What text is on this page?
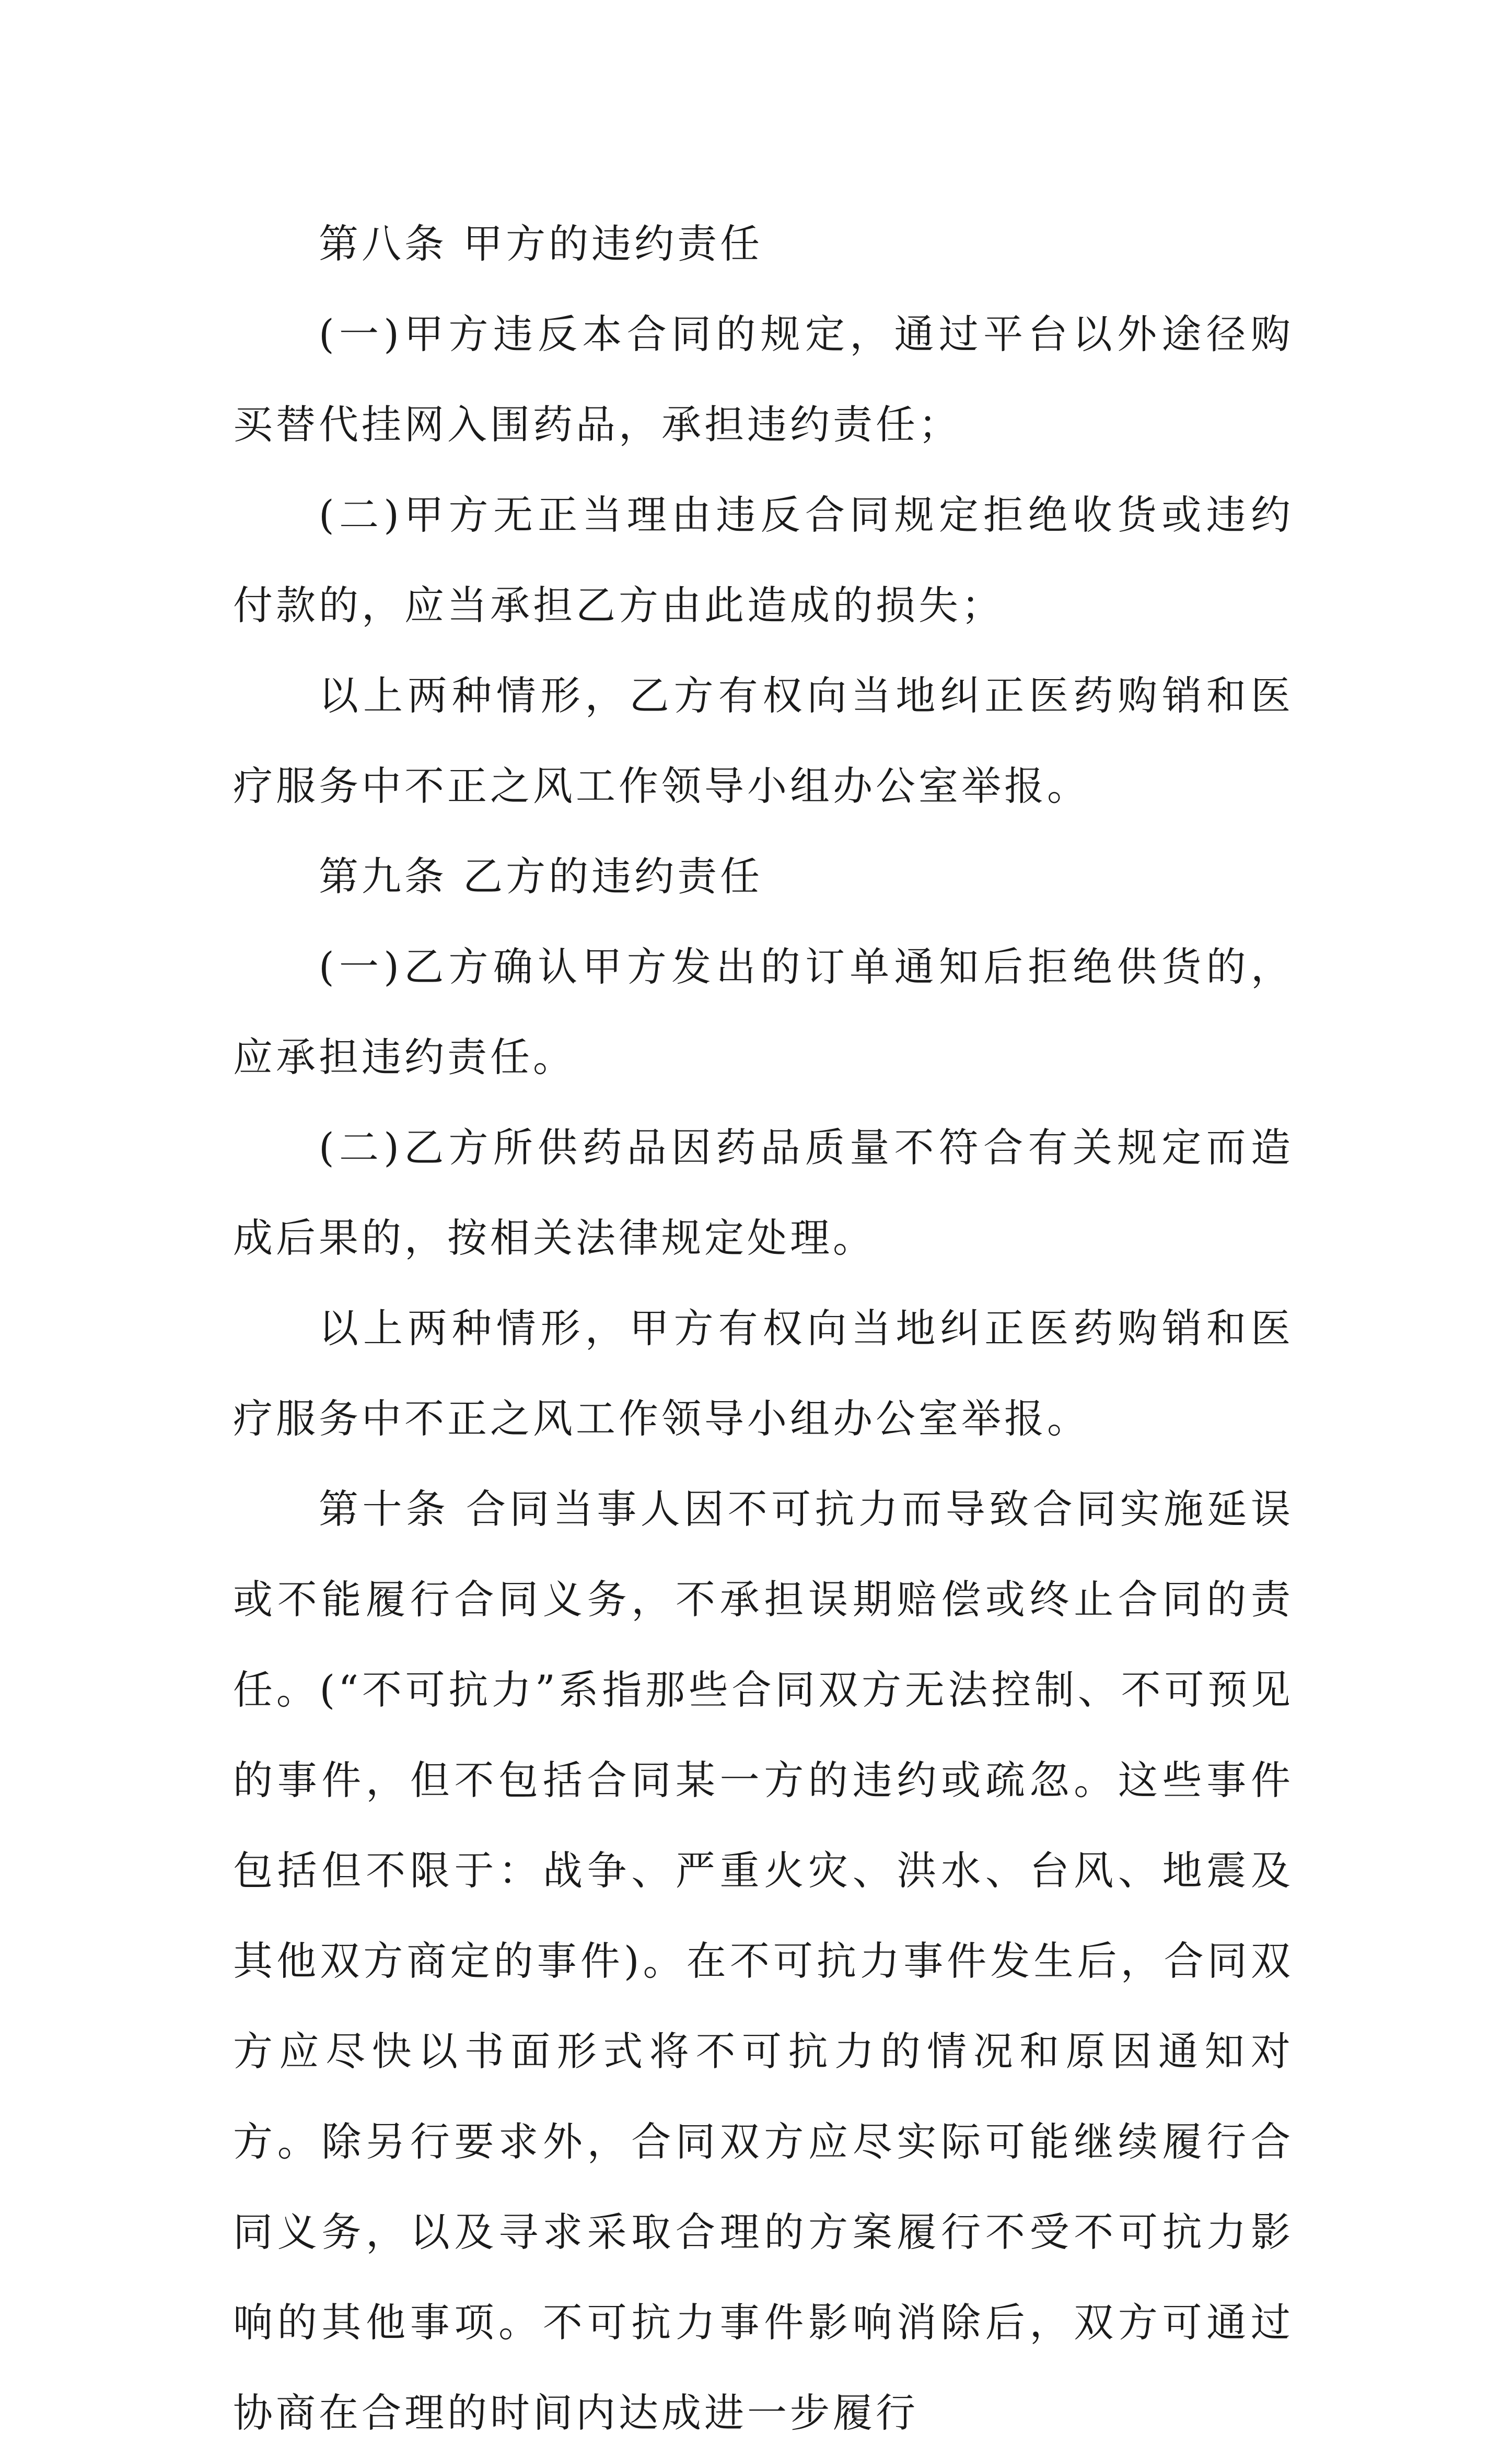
第八条 甲方的违约责任

(一)甲方违反本合同的规定，通过平台以外途径购买替代挂网入围药品，承担违约责任；

(二)甲方无正当理由违反合同规定拒绝收货或违约付款的，应当承担乙方由此造成的损失；

以上两种情形，乙方有权向当地纠正医药购销和医疗服务中不正之风工作领导小组办公室举报。

第九条 乙方的违约责任

(一)乙方确认甲方发出的订单通知后拒绝供货的，应承担违约责任。

(二)乙方所供药品因药品质量不符合有关规定而造成后果的，按相关法律规定处理。

以上两种情形，甲方有权向当地纠正医药购销和医疗服务中不正之风工作领导小组办公室举报。

第十条 合同当事人因不可抗力而导致合同实施延误或不能履行合同义务，不承担误期赔偿或终止合同的责任。(“不可抗力”系指那些合同双方无法控制、不可预见的事件，但不包括合同某一方的违约或疏忽。这些事件包括但不限于：战争、严重火灾、洪水、台风、地震及其他双方商定的事件)。在不可抗力事件发生后，合同双方应尽快以书面形式将不可抗力的情况和原因通知对方。除另行要求外，合同双方应尽实际可能继续履行合同义务，以及寻求采取合理的方案履行不受不可抗力影响的其他事项。不可抗力事件影响消除后，双方可通过协商在合理的时间内达成进一步履行
